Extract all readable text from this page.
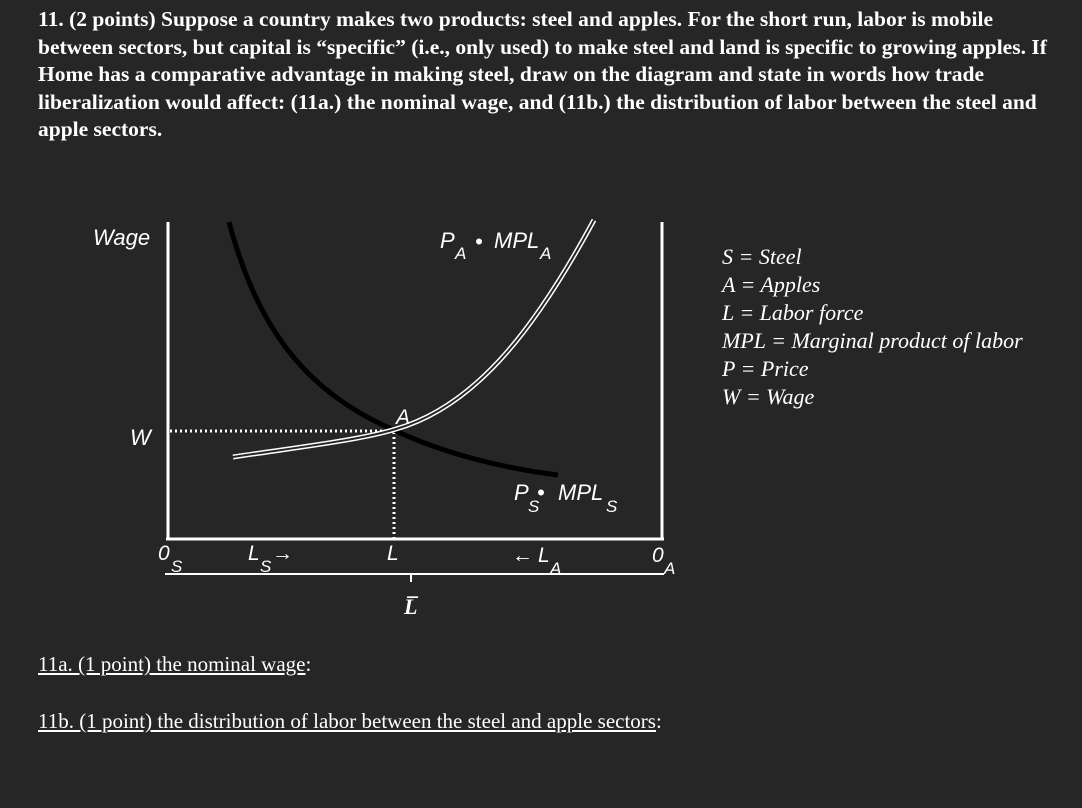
11. (2 points) Suppose a country makes two products: steel and apples. For the short run, labor is mobile between sectors, but capital is “specific” (i.e., only used) to make steel and land is specific to growing apples. If Home has a comparative advantage in making steel, draw on the diagram and state in words how trade liberalization would affect: (11a.) the nominal wage, and (11b.) the distribution of labor between the steel and apple sectors.
Wage
W
A
P
A • MPL
A
P
S
• MPL
S
0
S
L
S
→	L	← L
A
0
A
L̅
S = Steel
A = Apples
L = Labor force
MPL = Marginal product of labor
P = Price
W = Wage
11a. (1 point) the nominal wage:
11b. (1 point) the distribution of labor between the steel and apple sectors:
